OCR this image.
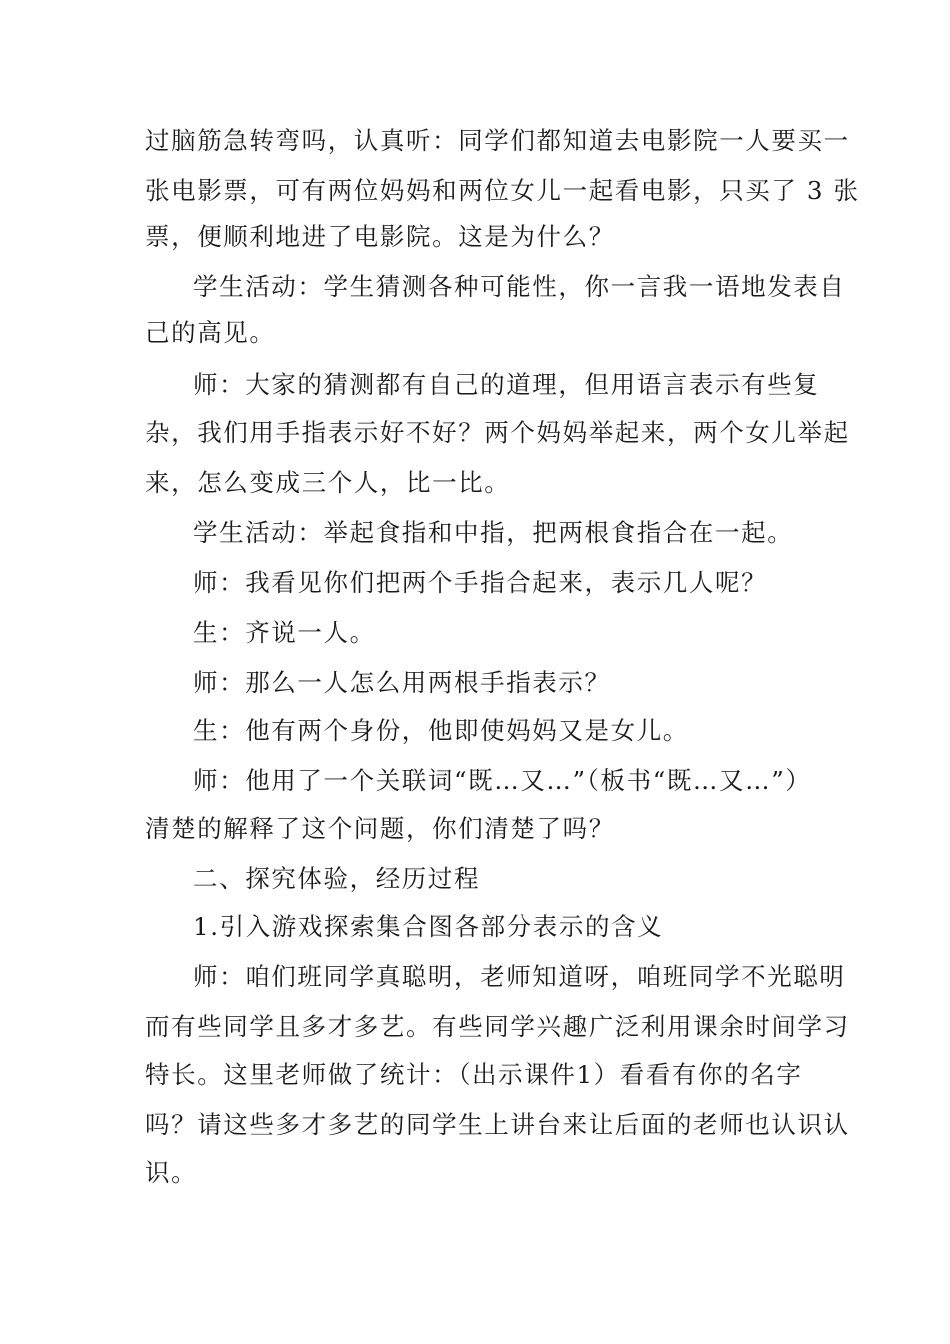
过脑筋急转弯吗，认真听：同学们都知道去电影院一人要买一
张电影票，可有两位妈妈和两位女儿一起看电影，只买了 3 张
票，便顺利地进了电影院。这是为什么？
学生活动：学生猜测各种可能性，你一言我一语地发表自
己的高见。
师：大家的猜测都有自己的道理，但用语言表示有些复
杂，我们用手指表示好不好？两个妈妈举起来，两个女儿举起
来，怎么变成三个人，比一比。
学生活动：举起食指和中指，把两根食指合在一起。
师：我看见你们把两个手指合起来，表示几人呢？
生：齐说一人。
师：那么一人怎么用两根手指表示？
生：他有两个身份，他即使妈妈又是女儿。
师：他用了一个关联词“既…又…”（板书“既…又…”）
清楚的解释了这个问题，你们清楚了吗？
二、探究体验，经历过程
1.引入游戏探索集合图各部分表示的含义
师：咱们班同学真聪明，老师知道呀，咱班同学不光聪明
而有些同学且多才多艺。有些同学兴趣广泛利用课余时间学习
特长。这里老师做了统计：（出示课件1）看看有你的名字
吗？请这些多才多艺的同学生上讲台来让后面的老师也认识认
识。
